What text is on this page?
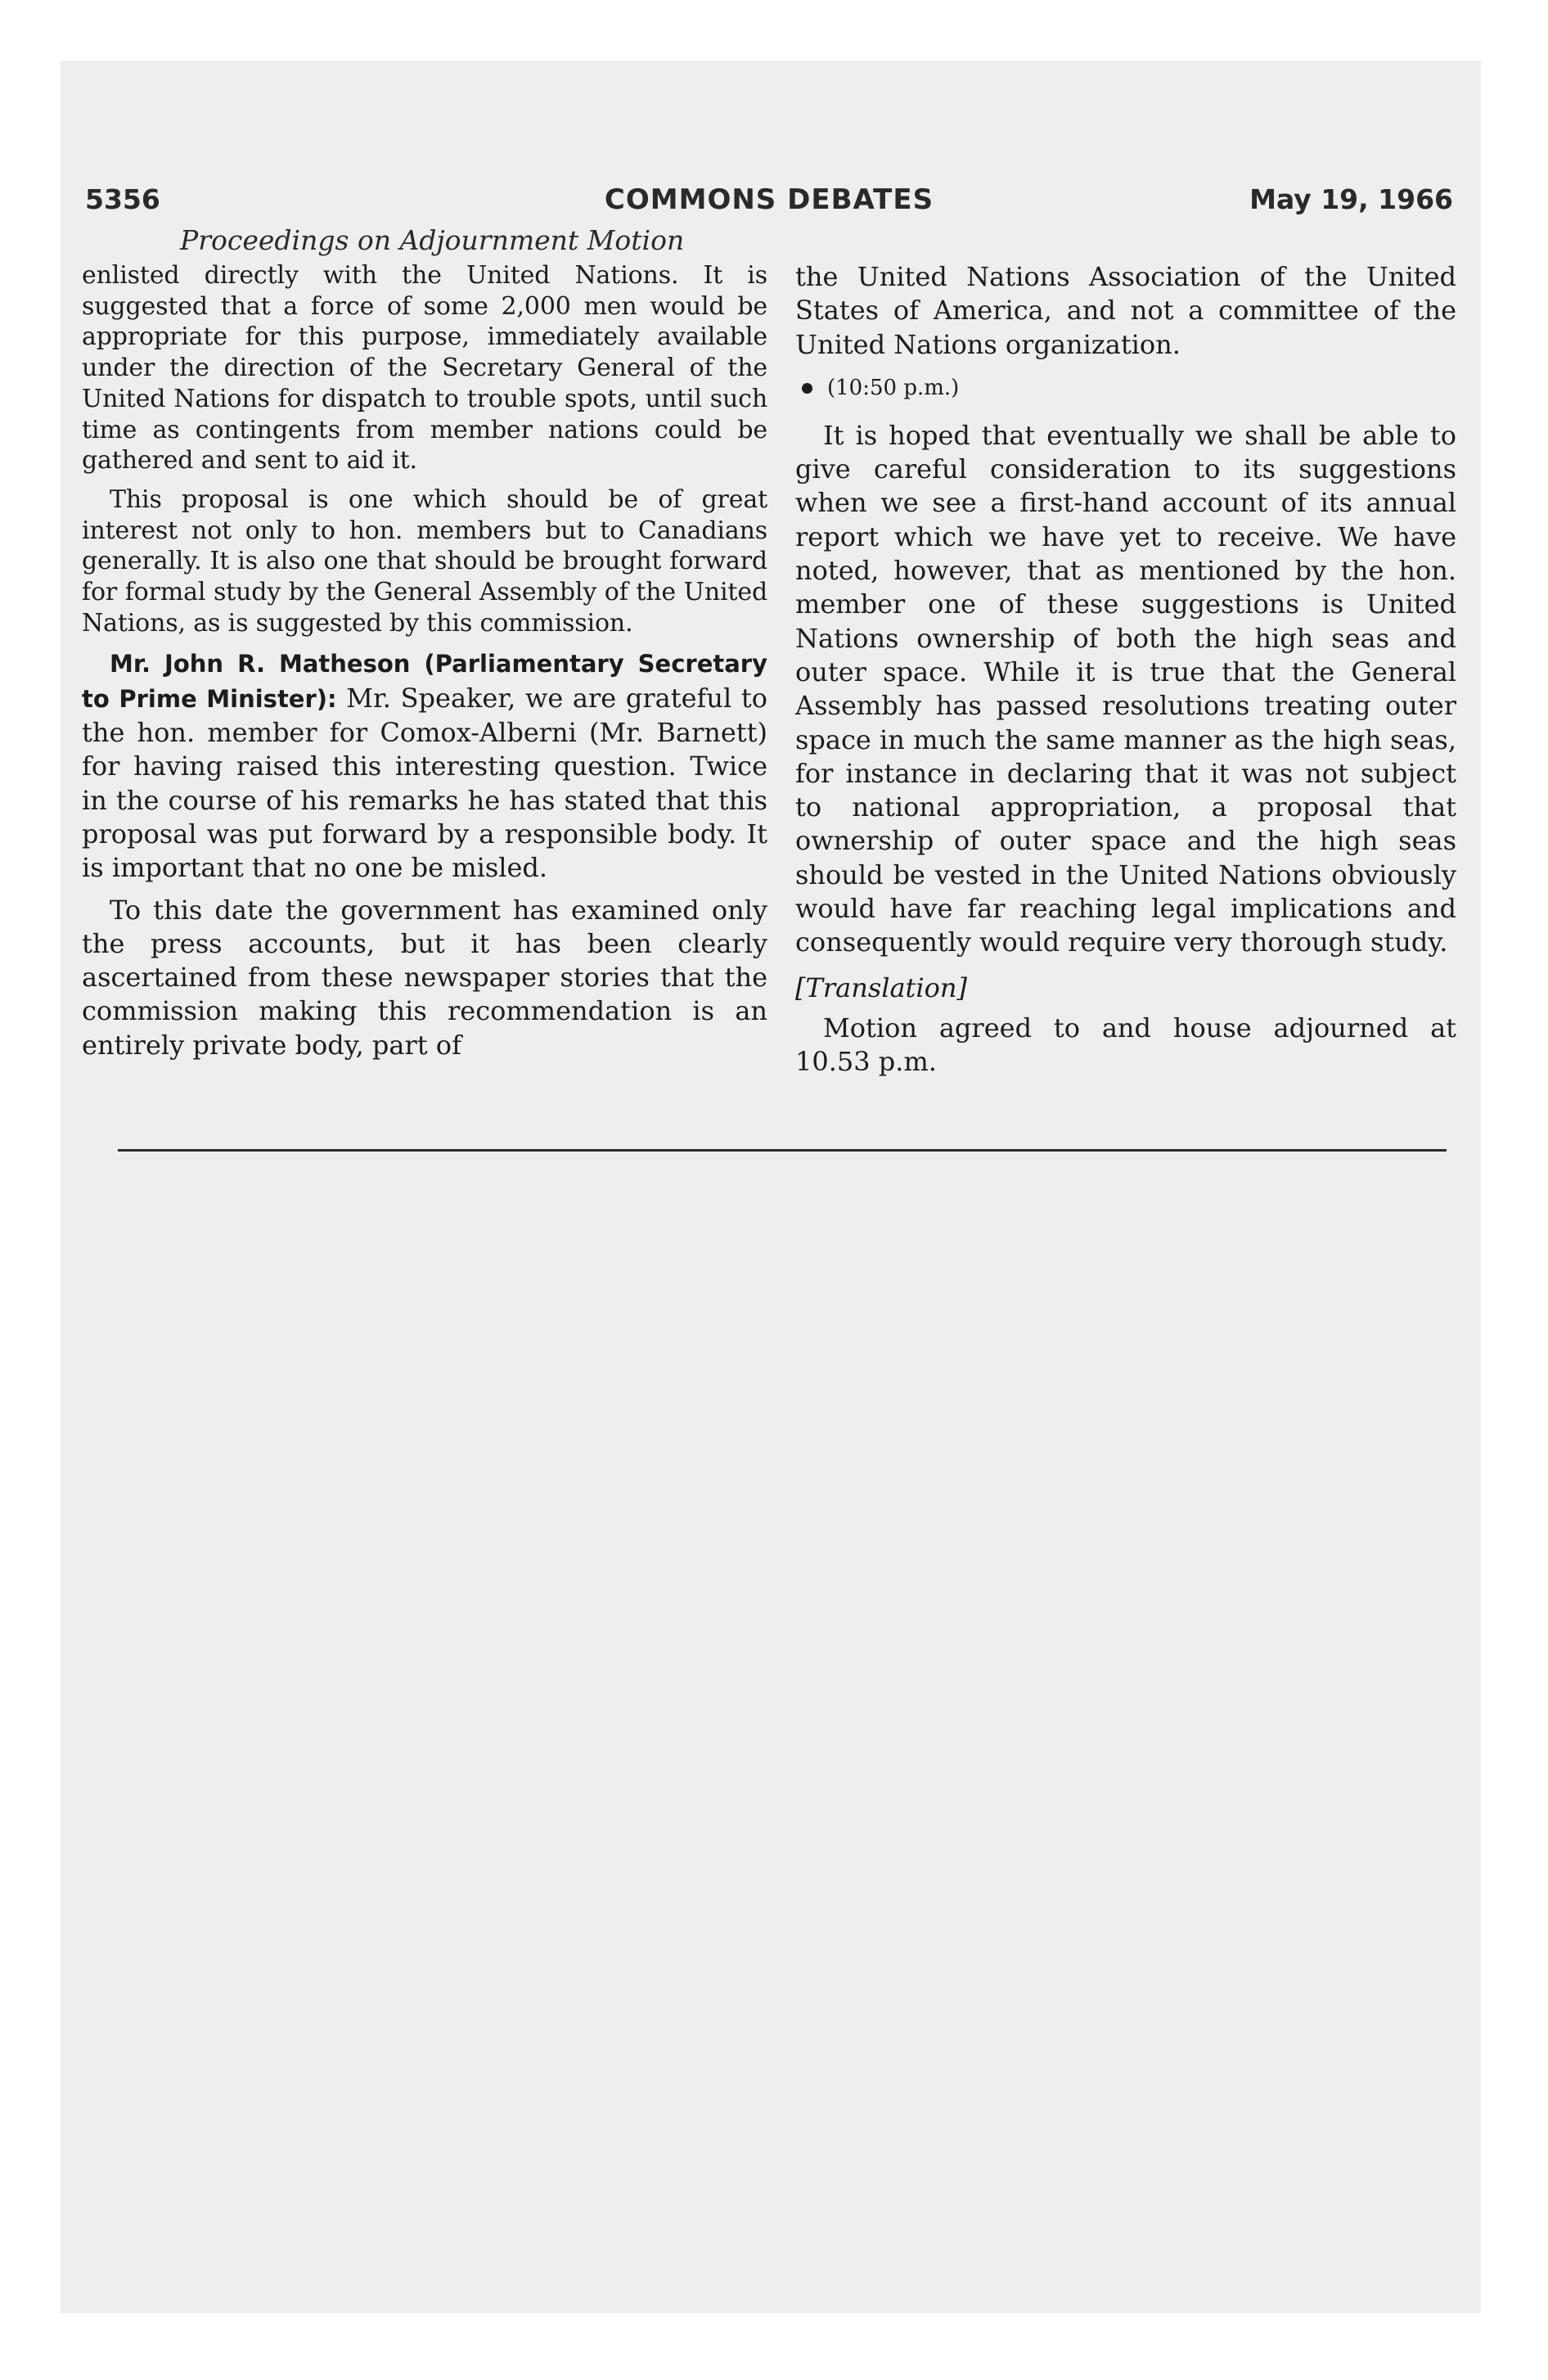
5356	COMMONS DEBATES	May 19, 1966
Proceedings on Adjournment Motion

enlisted directly with the United Nations. It is suggested that a force of some 2,000 men would be appropriate for this purpose, immediately available under the direction of the Secretary General of the United Nations for dispatch to trouble spots, until such time as contingents from member nations could be gathered and sent to aid it.

This proposal is one which should be of great interest not only to hon. members but to Canadians generally. It is also one that should be brought forward for formal study by the General Assembly of the United Nations, as is suggested by this commission.

Mr. John R. Matheson (Parliamentary Secretary to Prime Minister): Mr. Speaker, we are grateful to the hon. member for Comox-Alberni (Mr. Barnett) for having raised this interesting question. Twice in the course of his remarks he has stated that this proposal was put forward by a responsible body. It is important that no one be misled.

To this date the government has examined only the press accounts, but it has been clearly ascertained from these newspaper stories that the commission making this recommendation is an entirely private body, part of

the United Nations Association of the United States of America, and not a committee of the United Nations organization.

(10:50 p.m.)

It is hoped that eventually we shall be able to give careful consideration to its suggestions when we see a first-hand account of its annual report which we have yet to receive. We have noted, however, that as mentioned by the hon. member one of these suggestions is United Nations ownership of both the high seas and outer space. While it is true that the General Assembly has passed resolutions treating outer space in much the same manner as the high seas, for instance in declaring that it was not subject to national appropriation, a proposal that ownership of outer space and the high seas should be vested in the United Nations obviously would have far reaching legal implications and consequently would require very thorough study.

[Translation]

Motion agreed to and house adjourned at 10.53 p.m.
